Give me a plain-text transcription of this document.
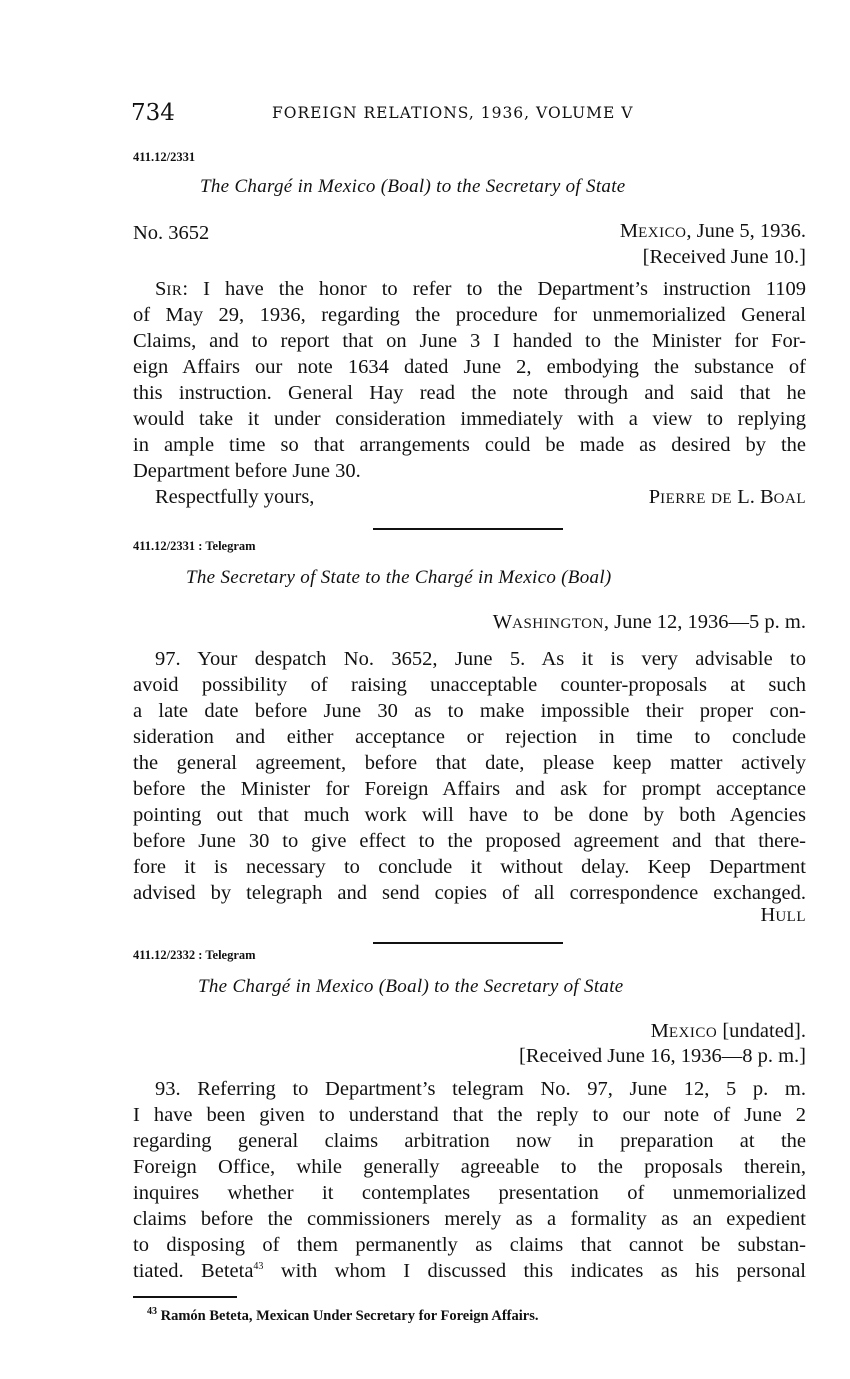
734	FOREIGN RELATIONS, 1936, VOLUME V
411.12/2331
The Chargé in Mexico (Boal) to the Secretary of State
No. 3652	MEXICO, June 5, 1936.
[Received June 10.]
SIR: I have the honor to refer to the Department’s instruction 1109
of May 29, 1936, regarding the procedure for unmemorialized General
Claims, and to report that on June 3 I handed to the Minister for For-
eign Affairs our note 1634 dated June 2, embodying the substance of
this instruction. General Hay read the note through and said that he
would take it under consideration immediately with a view to replying
in ample time so that arrangements could be made as desired by the
Department before June 30.
Respectfully yours,	PIERRE DE L. BOAL
411.12/2331 : Telegram
The Secretary of State to the Chargé in Mexico (Boal)
WASHINGTON, June 12, 1936—5 p. m.
97. Your despatch No. 3652, June 5. As it is very advisable to
avoid possibility of raising unacceptable counter-proposals at such
a late date before June 30 as to make impossible their proper con-
sideration and either acceptance or rejection in time to conclude
the general agreement, before that date, please keep matter actively
before the Minister for Foreign Affairs and ask for prompt acceptance
pointing out that much work will have to be done by both Agencies
before June 30 to give effect to the proposed agreement and that there-
fore it is necessary to conclude it without delay. Keep Department
advised by telegraph and send copies of all correspondence exchanged.
HULL
411.12/2332 : Telegram
The Chargé in Mexico (Boal) to the Secretary of State
MEXICO [undated].
[Received June 16, 1936—8 p. m.]
93. Referring to Department’s telegram No. 97, June 12, 5 p. m.
I have been given to understand that the reply to our note of June 2
regarding general claims arbitration now in preparation at the
Foreign Office, while generally agreeable to the proposals therein,
inquires whether it contemplates presentation of unmemorialized
claims before the commissioners merely as a formality as an expedient
to disposing of them permanently as claims that cannot be substan-
tiated. Beteta$^{43}$ with whom I discussed this indicates as his personal
$^{43}$ Ramón Beteta, Mexican Under Secretary for Foreign Affairs.
